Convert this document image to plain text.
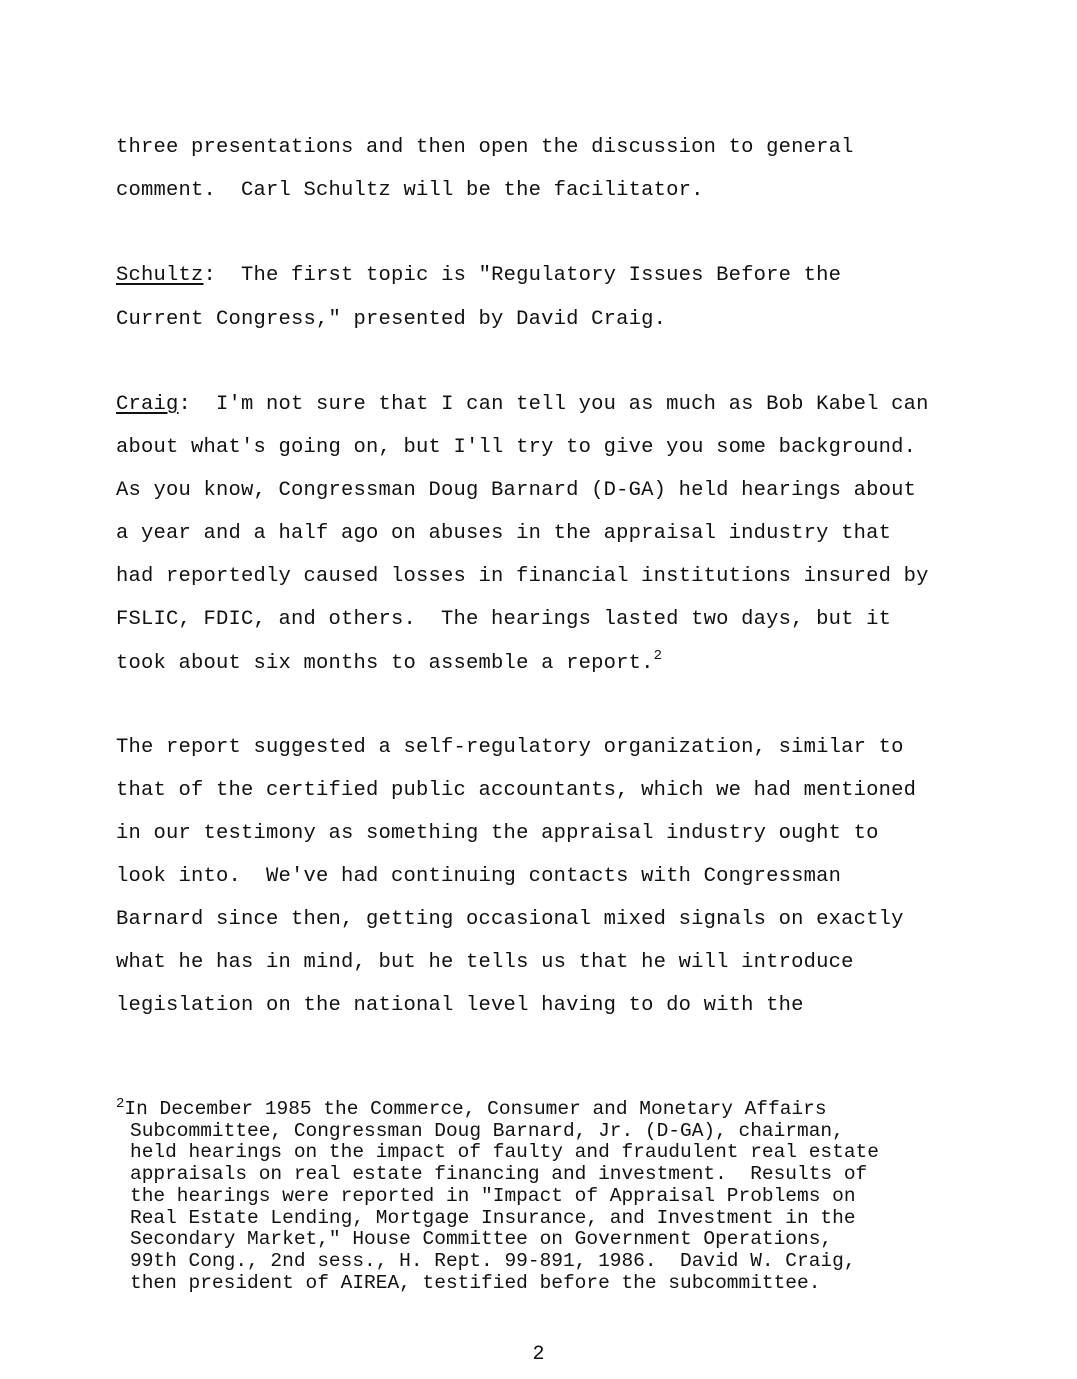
three presentations and then open the discussion to general
comment.  Carl Schultz will be the facilitator.
Schultz:  The first topic is "Regulatory Issues Before the
Current Congress," presented by David Craig.
Craig:  I'm not sure that I can tell you as much as Bob Kabel can
about what's going on, but I'll try to give you some background.
As you know, Congressman Doug Barnard (D-GA) held hearings about
a year and a half ago on abuses in the appraisal industry that
had reportedly caused losses in financial institutions insured by
FSLIC, FDIC, and others.  The hearings lasted two days, but it
took about six months to assemble a report.$^2$
The report suggested a self-regulatory organization, similar to
that of the certified public accountants, which we had mentioned
in our testimony as something the appraisal industry ought to
look into.  We've had continuing contacts with Congressman
Barnard since then, getting occasional mixed signals on exactly
what he has in mind, but he tells us that he will introduce
legislation on the national level having to do with the
$^2$In December 1985 the Commerce, Consumer and Monetary Affairs
Subcommittee, Congressman Doug Barnard, Jr. (D-GA), chairman,
held hearings on the impact of faulty and fraudulent real estate
appraisals on real estate financing and investment.  Results of
the hearings were reported in "Impact of Appraisal Problems on
Real Estate Lending, Mortgage Insurance, and Investment in the
Secondary Market," House Committee on Government Operations,
99th Cong., 2nd sess., H. Rept. 99-891, 1986.  David W. Craig,
then president of AIREA, testified before the subcommittee.
2
